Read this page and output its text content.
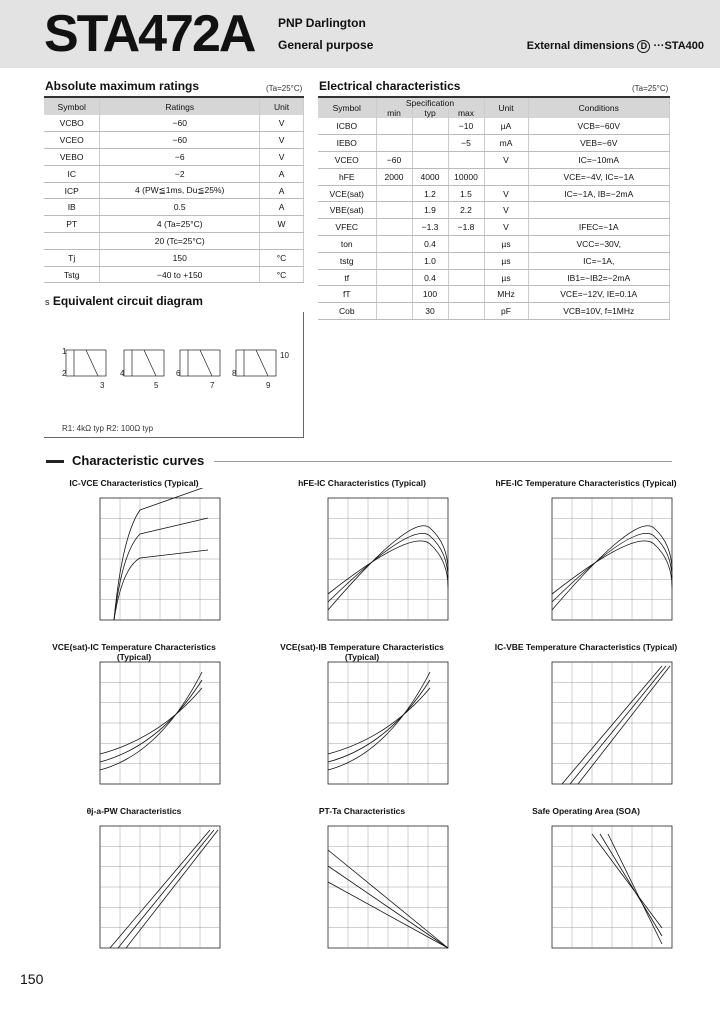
STA472A PNP Darlington
General purpose	External dimensions D ···STA400
Absolute maximum ratings	(Ta=25°C)
Symbol	Ratings	Unit
VCBO	−60	V
VCEO	−60	V
VEBO	−6	V
IC	−2	A
ICP	4 (PW≦1ms, Du≦25%)	A
IB	0.5	A
PT	4 (Ta=25°C)	W
	20 (Tc=25°C)	
Tj	150	°C
Tstg	−40 to +150	°C
Electrical characteristics	(Ta=25°C)
Symbol	Specification			Unit	Conditions
	min	typ	max		
ICBO			−10	µA	VCB=−60V
IEBO			−5	mA	VEB=−6V
VCEO	−60			V	IC=−10mA
hFE	2000	4000	10000		VCE=−4V, IC=−1A
VCE(sat)		1.2	1.5	V	IC=−1A, IB=−2mA
VBE(sat)		1.9	2.2	V	
VFEC		−1.3	−1.8	V	IFEC=−1A
ton		0.4		µs	VCC=−30V,
tstg		1.0		µs	IC=−1A,
tf		0.4		µs	IB1=−IB2=−2mA
fT		100		MHz	VCE=−12V, IE=0.1A
Cob		30		pF	VCB=10V, f=1MHz
s Equivalent circuit diagram
1
2
3
4
5
6
7
8
9
10
R1: 4kΩ typ R2: 100Ω typ
Characteristic curves
IC-VCE Characteristics (Typical)	hFE-IC Characteristics (Typical)	hFE-IC Temperature Characteristics (Typical)
VCE(sat)-IC Temperature Characteristics (Typical)
VCE(sat)-IB Temperature Characteristics (Typical)
IC-VBE Temperature Characteristics (Typical)
θj-a-PW Characteristics	PT-Ta Characteristics	Safe Operating Area (SOA)
150
